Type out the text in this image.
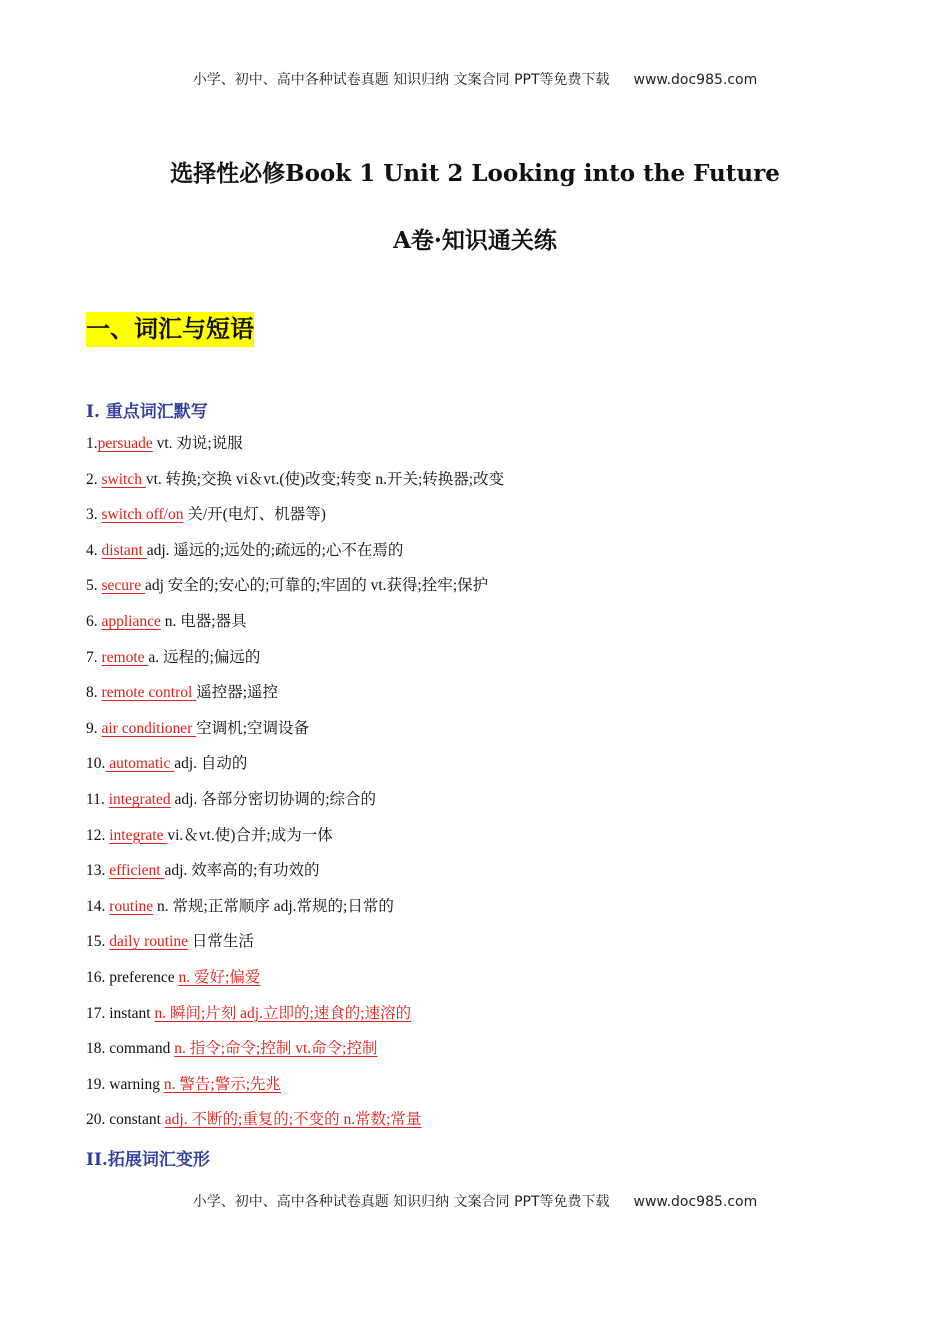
小学、初中、高中各种试卷真题 知识归纳 文案合同 PPT等免费下载 www.doc985.com
选择性必修Book 1 Unit 2 Looking into the Future
A卷·知识通关练
一、词汇与短语
I. 重点词汇默写
1.persuade vt. 劝说;说服
2. switch vt. 转换;交换 vi＆vt.(使)改变;转变 n.开关;转换器;改变
3. switch off/on 关/开(电灯、机器等)
4. distant adj. 遥远的;远处的;疏远的;心不在焉的
5. secure adj 安全的;安心的;可靠的;牢固的 vt.获得;拴牢;保护
6. appliance n. 电器;器具
7. remote a. 远程的;偏远的
8. remote control 遥控器;遥控
9. air conditioner 空调机;空调设备
10. automatic adj. 自动的
11. integrated adj. 各部分密切协调的;综合的
12. integrate vi.＆vt.使)合并;成为一体
13. efficient adj. 效率高的;有功效的
14. routine n. 常规;正常顺序 adj.常规的;日常的
15. daily routine 日常生活
16. preference n. 爱好;偏爱
17. instant n. 瞬间;片刻 adj.立即的;速食的;速溶的
18. command n. 指令;命令;控制 vt.命令;控制
19. warning n. 警告;警示;先兆
20. constant adj. 不断的;重复的;不变的 n.常数;常量
II.拓展词汇变形
小学、初中、高中各种试卷真题 知识归纳 文案合同 PPT等免费下载 www.doc985.com
